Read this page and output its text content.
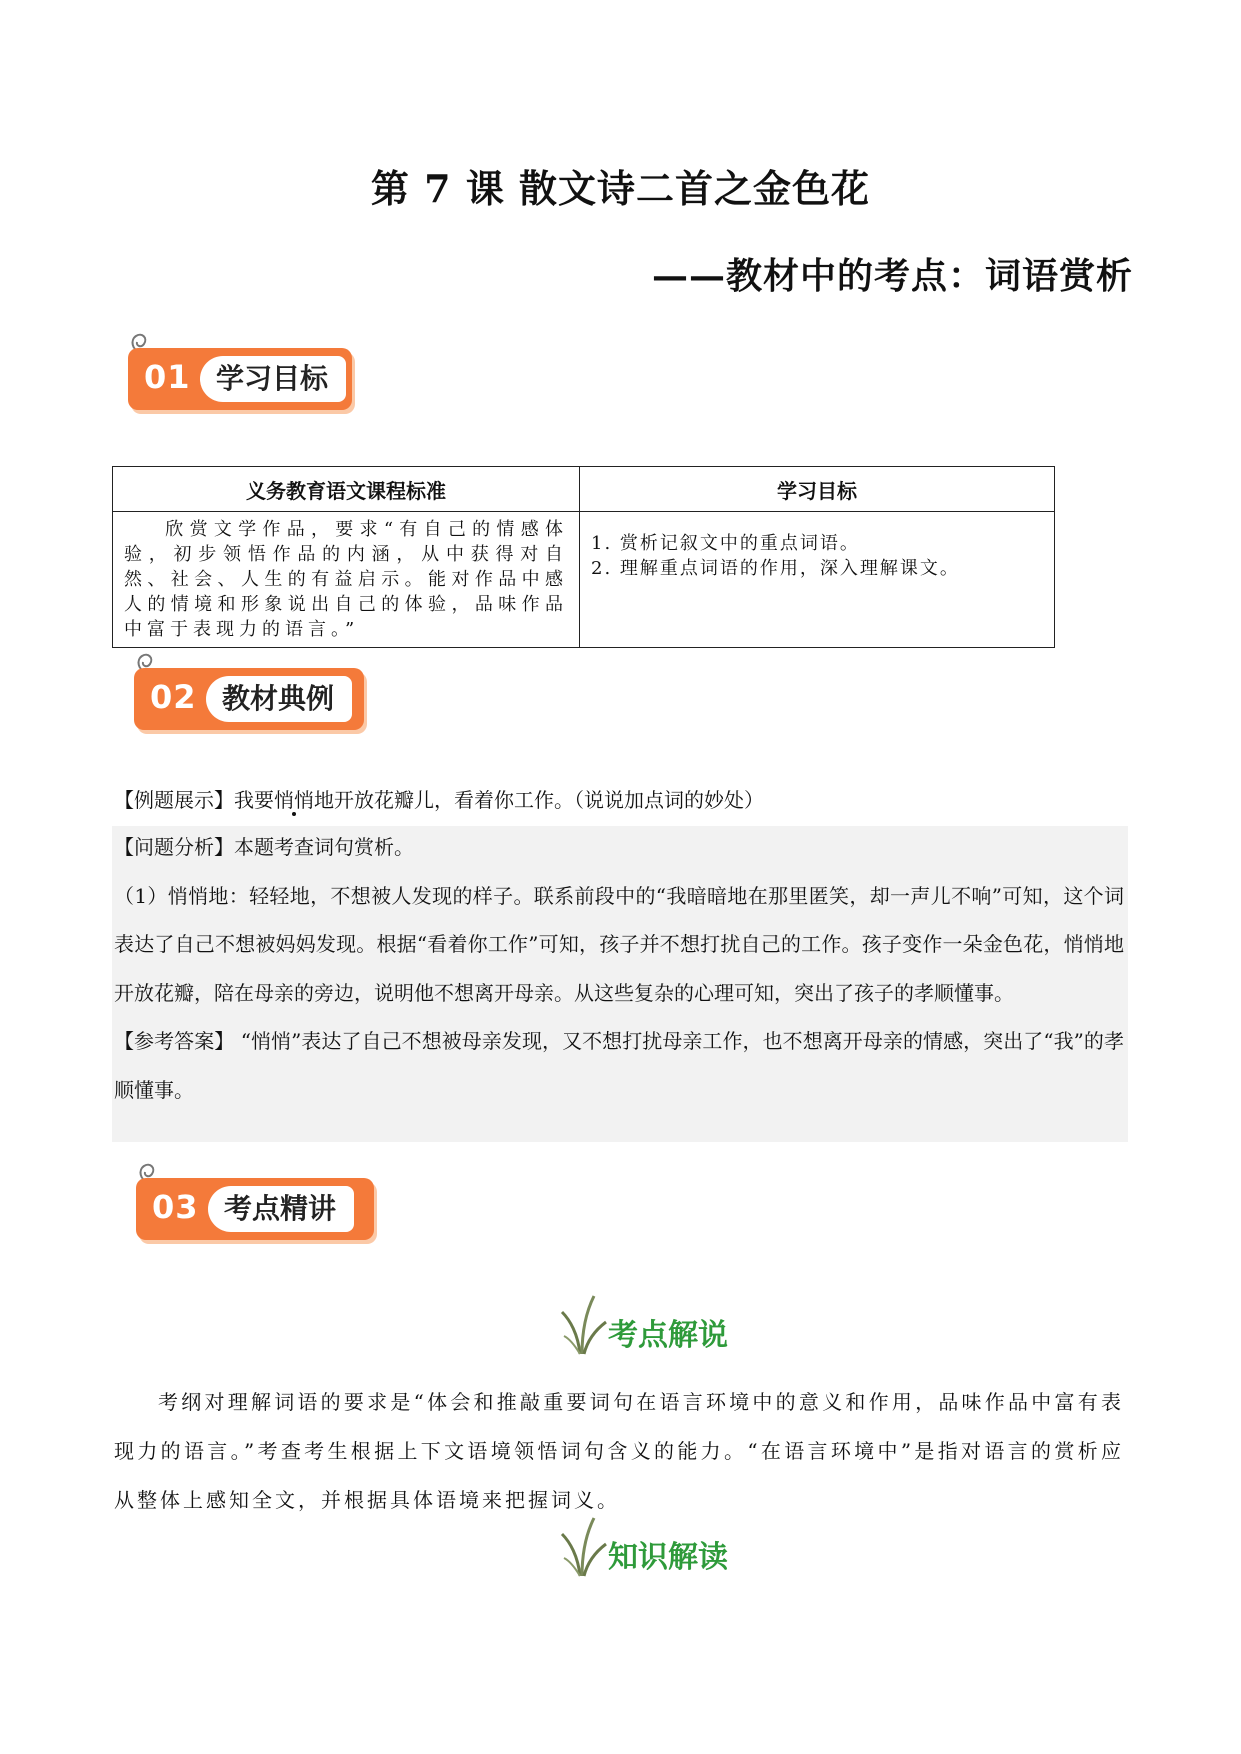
第 7 课 散文诗二首之金色花
——教材中的考点：词语赏析
01 学习目标
义务教育语文课程标准	学习目标

欣赏文学作品，要求“有自己的情感体验，初步领悟作品的内涵，从中获得对自然、社会、人生的有益启示。能对作品中感人的情境和形象说出自己的体验，品味作品中富于表现力的语言。”	1. 赏析记叙文中的重点词语。
2. 理解重点词语的作用，深入理解课文。
02 教材典例
【例题展示】我要悄悄地开放花瓣儿，看着你工作。（说说加点词的妙处）
【问题分析】本题考查词句赏析。
（1）悄悄地：轻轻地，不想被人发现的样子。联系前段中的“我暗暗地在那里匿笑，却一声儿不响”可知，这个词表达了自己不想被妈妈发现。根据“看着你工作”可知，孩子并不想打扰自己的工作。孩子变作一朵金色花，悄悄地开放花瓣，陪在母亲的旁边，说明他不想离开母亲。从这些复杂的心理可知，突出了孩子的孝顺懂事。
【参考答案】 “悄悄”表达了自己不想被母亲发现，又不想打扰母亲工作，也不想离开母亲的情感，突出了“我”的孝顺懂事。
03 考点精讲
考点解说
考纲对理解词语的要求是“体会和推敲重要词句在语言环境中的意义和作用，品味作品中富有表现力的语言。”考查考生根据上下文语境领悟词句含义的能力。“在语言环境中”是指对语言的赏析应从整体上感知全文，并根据具体语境来把握词义。
知识解读
